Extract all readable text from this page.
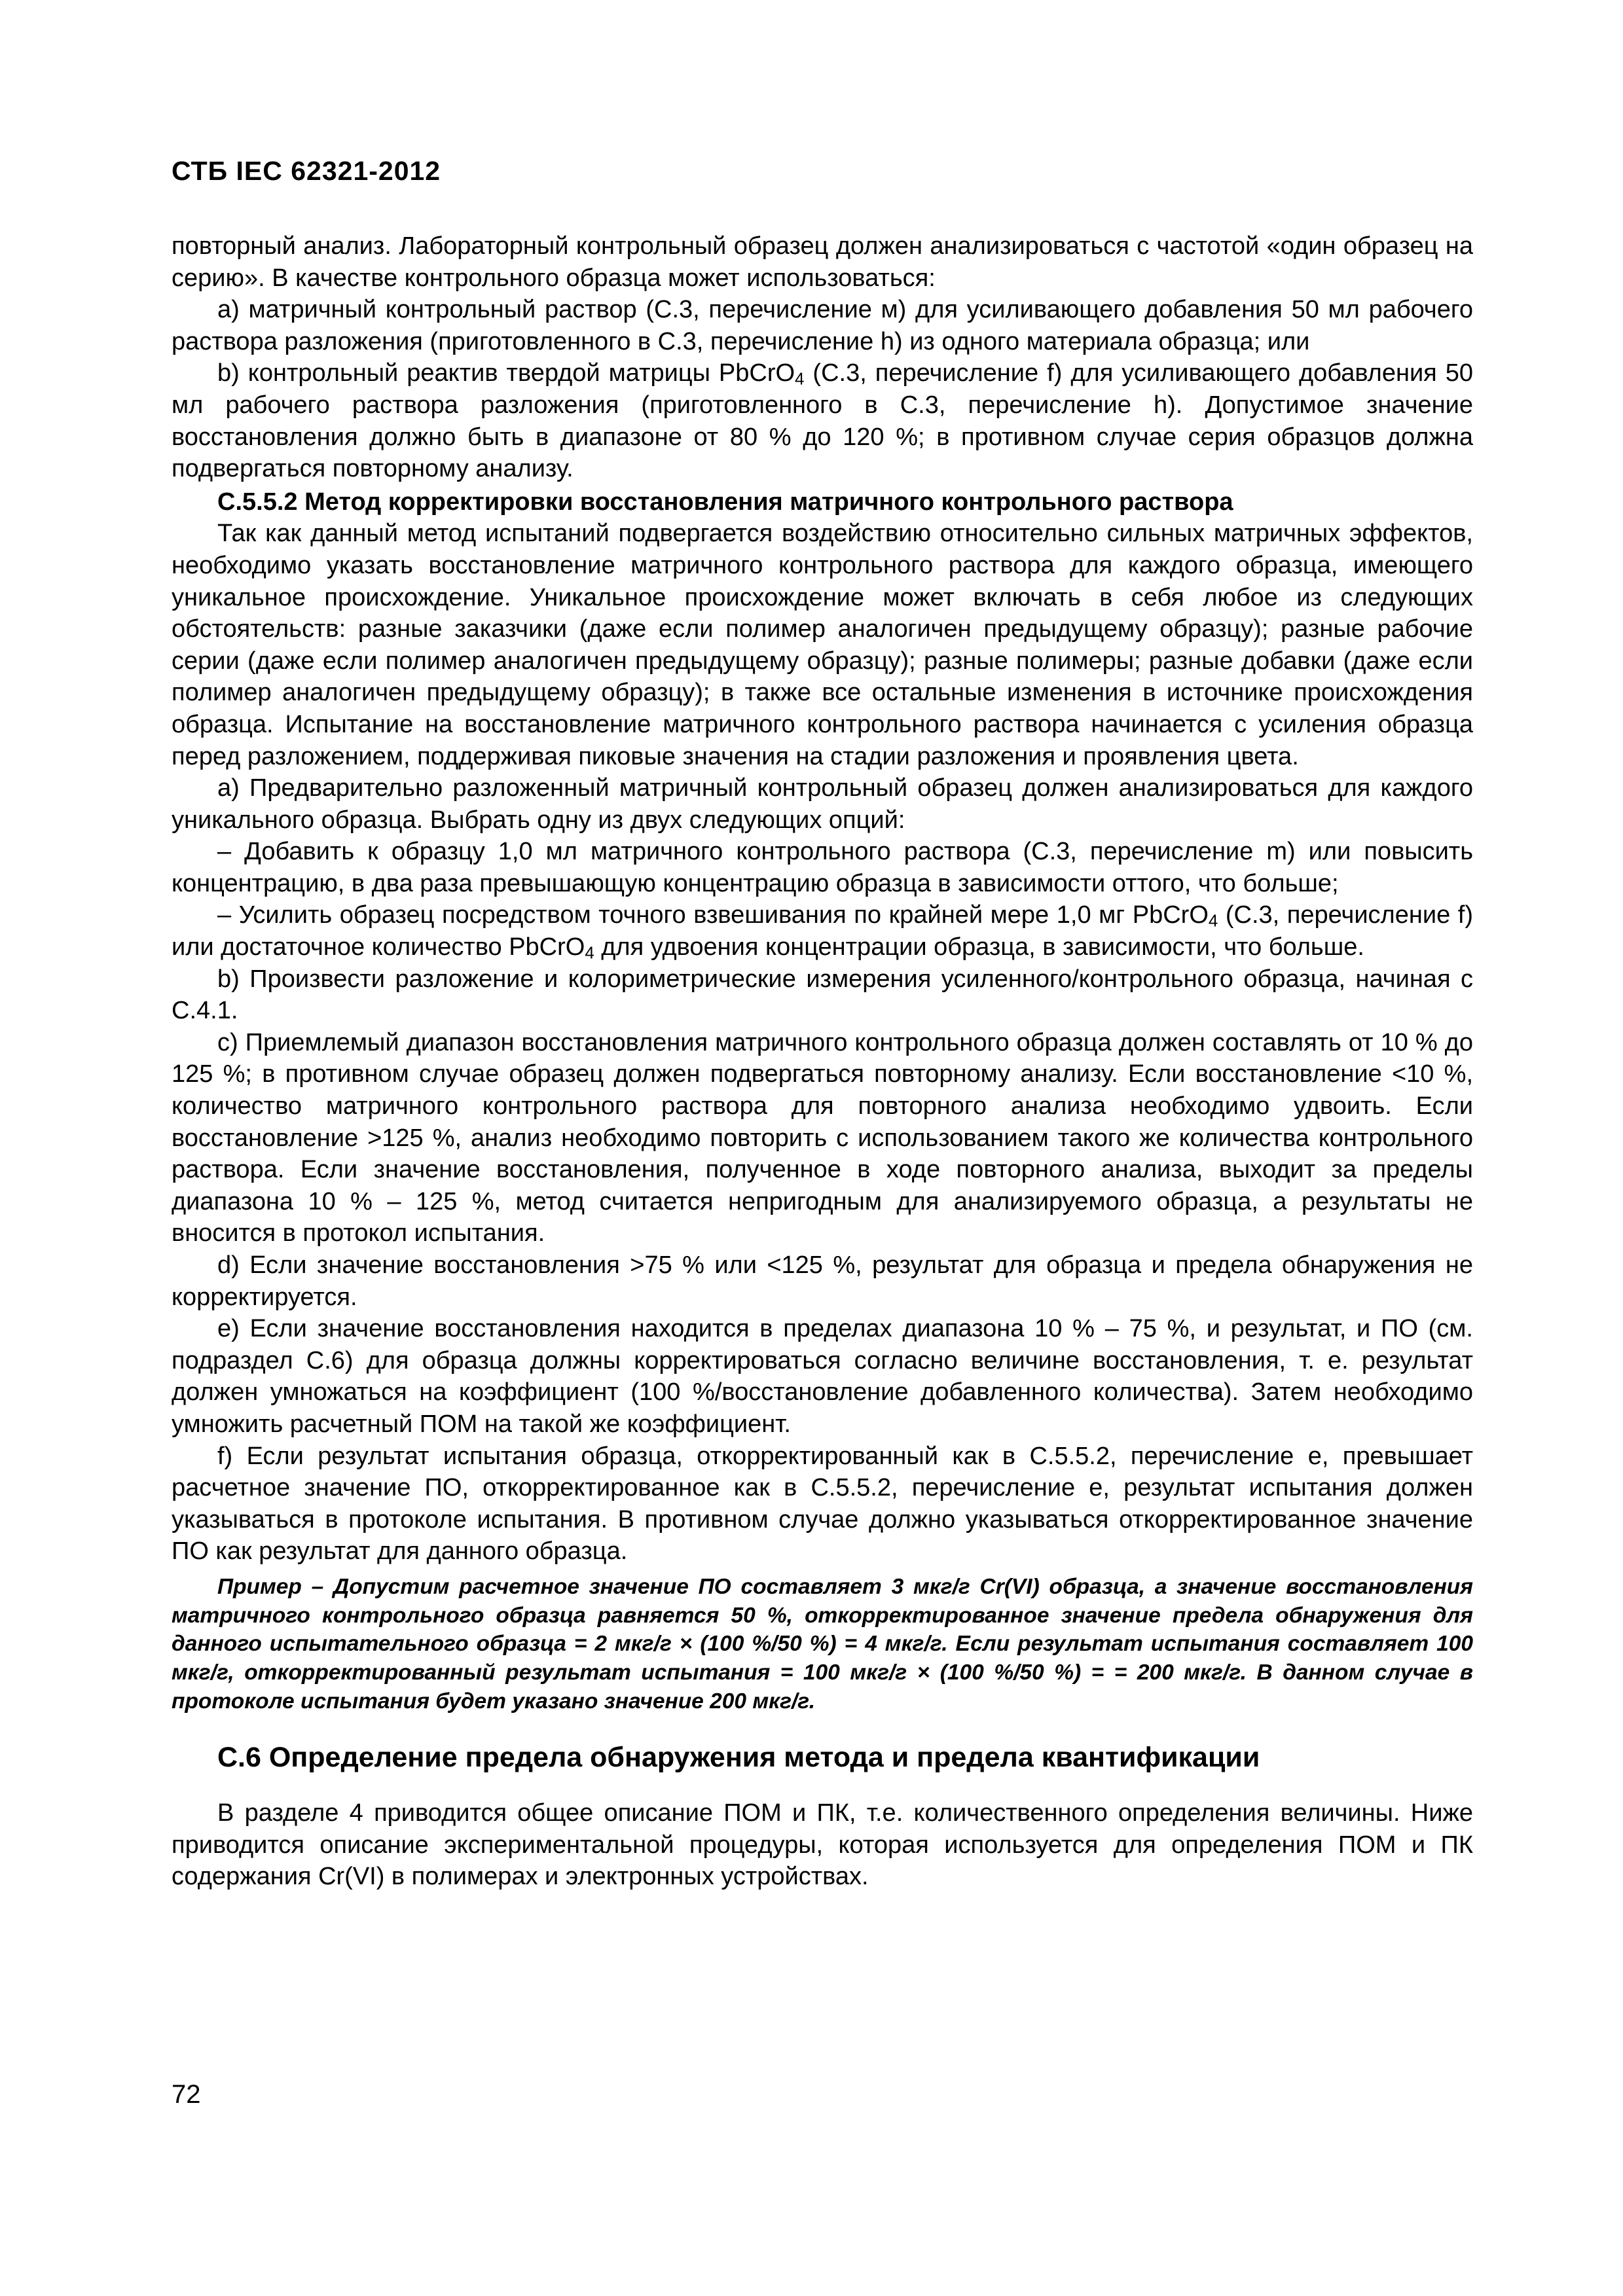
СТБ IEC 62321-2012

повторный анализ. Лабораторный контрольный образец должен анализироваться с частотой «один образец на серию». В качестве контрольного образца может использоваться:

a) матричный контрольный раствор (С.3, перечисление м) для усиливающего добавления 50 мл рабочего раствора разложения (приготовленного в С.3, перечисление h) из одного материала образца; или

b) контрольный реактив твердой матрицы PbCrO$_4$ (С.3, перечисление f) для усиливающего добавления 50 мл рабочего раствора разложения (приготовленного в С.3, перечисление h). Допустимое значение восстановления должно быть в диапазоне от 80 % до 120 %; в противном случае серия образцов должна подвергаться повторному анализу.

C.5.5.2 Метод корректировки восстановления матричного контрольного раствора

Так как данный метод испытаний подвергается воздействию относительно сильных матричных эффектов, необходимо указать восстановление матричного контрольного раствора для каждого образца, имеющего уникальное происхождение. Уникальное происхождение может включать в себя любое из следующих обстоятельств: разные заказчики (даже если полимер аналогичен предыдущему образцу); разные рабочие серии (даже если полимер аналогичен предыдущему образцу); разные полимеры; разные добавки (даже если полимер аналогичен предыдущему образцу); в также все остальные изменения в источнике происхождения образца. Испытание на восстановление матричного контрольного раствора начинается с усиления образца перед разложением, поддерживая пиковые значения на стадии разложения и проявления цвета.

a) Предварительно разложенный матричный контрольный образец должен анализироваться для каждого уникального образца. Выбрать одну из двух следующих опций:

– Добавить к образцу 1,0 мл матричного контрольного раствора (С.3, перечисление m) или повысить концентрацию, в два раза превышающую концентрацию образца в зависимости оттого, что больше;

– Усилить образец посредством точного взвешивания по крайней мере 1,0 мг PbCrO$_4$ (С.3, перечисление f) или достаточное количество PbCrO$_4$ для удвоения концентрации образца, в зависимости, что больше.

b) Произвести разложение и колориметрические измерения усиленного/контрольного образца, начиная с С.4.1.

c) Приемлемый диапазон восстановления матричного контрольного образца должен составлять от 10 % до 125 %; в противном случае образец должен подвергаться повторному анализу. Если восстановление <10 %, количество матричного контрольного раствора для повторного анализа необходимо удвоить. Если восстановление >125 %, анализ необходимо повторить с использованием такого же количества контрольного раствора. Если значение восстановления, полученное в ходе повторного анализа, выходит за пределы диапазона 10 % – 125 %, метод считается непригодным для анализируемого образца, а результаты не вносится в протокол испытания.

d) Если значение восстановления >75 % или <125 %, результат для образца и предела обнаружения не корректируется.

e) Если значение восстановления находится в пределах диапазона 10 % – 75 %, и результат, и ПО (см. подраздел С.6) для образца должны корректироваться согласно величине восстановления, т. е. результат должен умножаться на коэффициент (100 %/восстановление добавленного количества). Затем необходимо умножить расчетный ПОМ на такой же коэффициент.

f) Если результат испытания образца, откорректированный как в С.5.5.2, перечисление е, превышает расчетное значение ПО, откорректированное как в С.5.5.2, перечисление е, результат испытания должен указываться в протоколе испытания. В противном случае должно указываться откорректированное значение ПО как результат для данного образца.

Пример – Допустим расчетное значение ПО составляет 3 мкг/г Cr(VI) образца, а значение восстановления матричного контрольного образца равняется 50 %, откорректированное значение предела обнаружения для данного испытательного образца = 2 мкг/г × (100 %/50 %) = 4 мкг/г. Если результат испытания составляет 100 мкг/г, откорректированный результат испытания = 100 мкг/г × (100 %/50 %) = = 200 мкг/г. В данном случае в протоколе испытания будет указано значение 200 мкг/г.

C.6 Определение предела обнаружения метода и предела квантификации

В разделе 4 приводится общее описание ПОМ и ПК, т.е. количественного определения величины. Ниже приводится описание экспериментальной процедуры, которая используется для определения ПОМ и ПК содержания Cr(VI) в полимерах и электронных устройствах.

72
